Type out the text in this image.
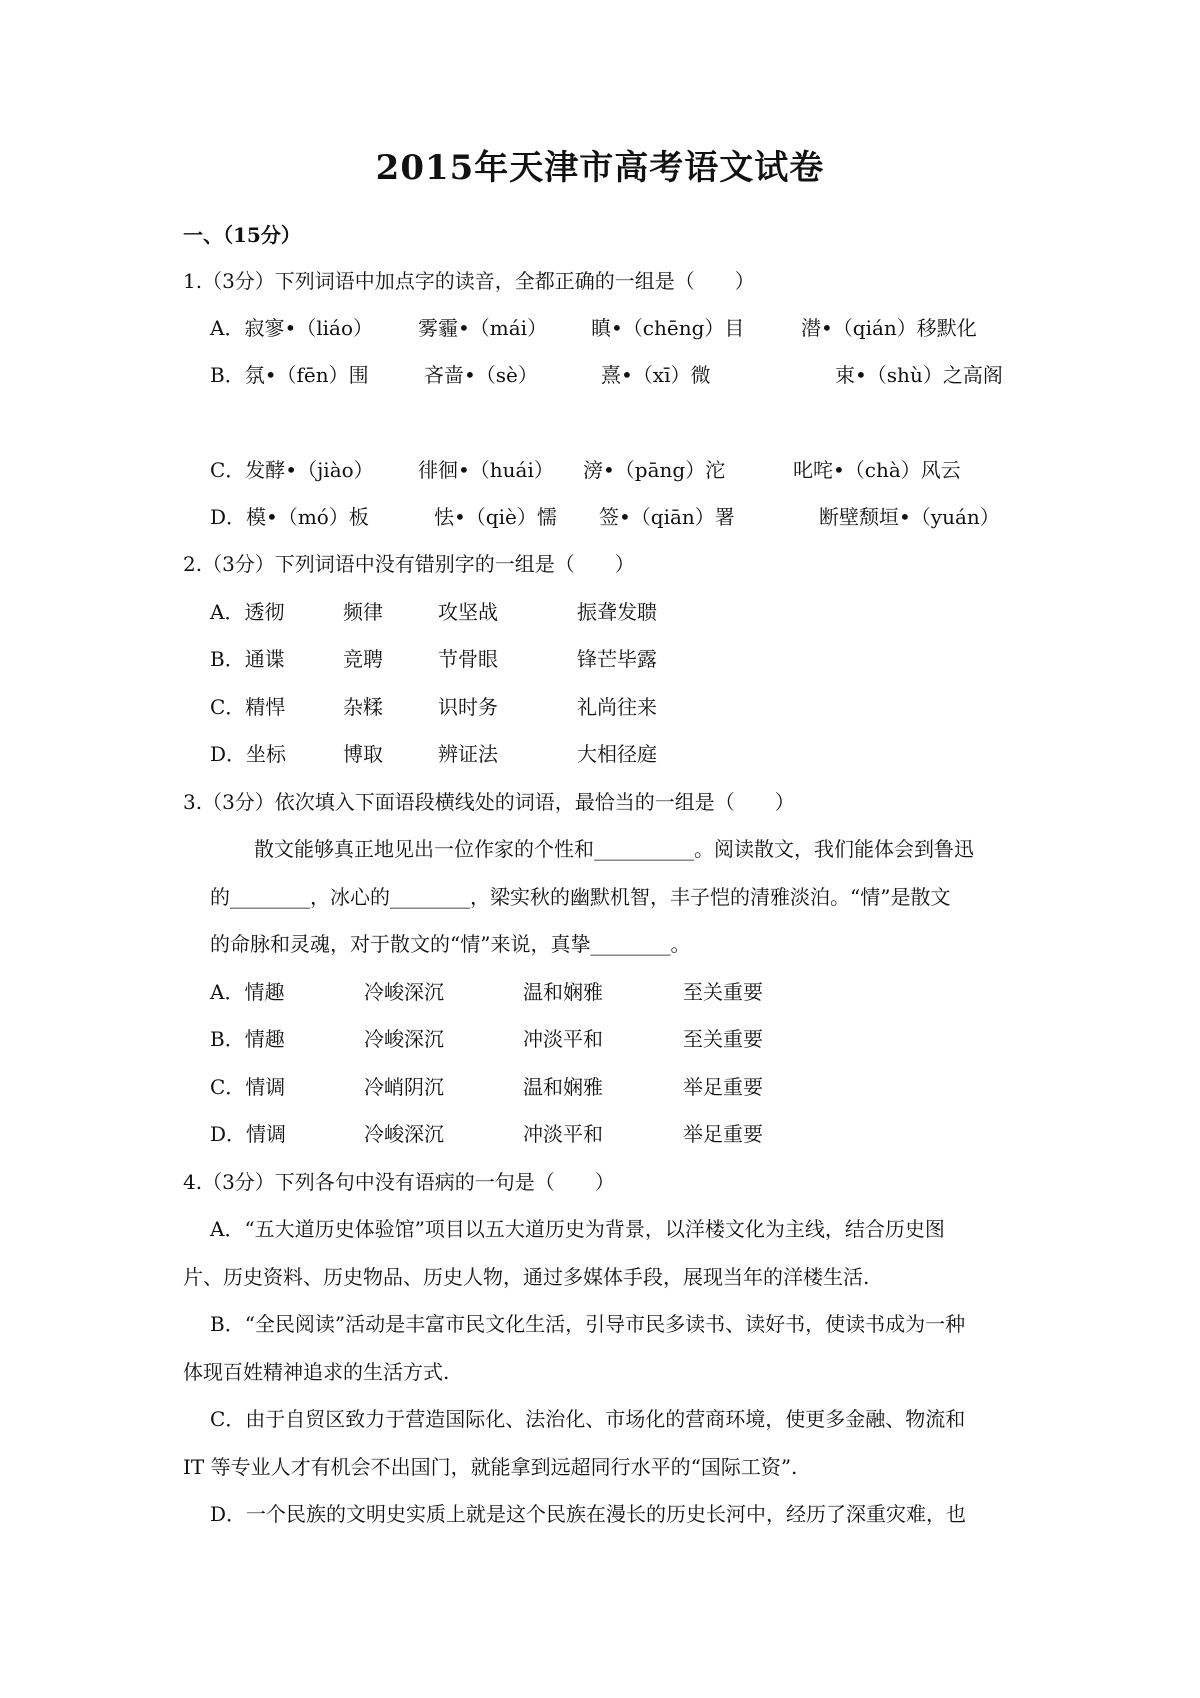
2015年天津市高考语文试卷
一、（15分）
1.（3分）下列词语中加点字的读音，全都正确的一组是（　　）
A．寂寥•（liáo） 雾霾•（mái） 瞋•（chēng）目	潜•（qián）移默化
B．氛•（fēn）围	吝啬•（sè）	熹•（xī）微	束•（shù）之高阁
C．发酵•（jiào） 徘徊•（huái） 滂•（pāng）沱	叱咤•（chà）风云
D．模•（mó）板	怯•（qiè）懦 签•（qiān）署	断壁颓垣•（yuán）
2.（3分）下列词语中没有错别字的一组是（　　）
A．透彻	频律	攻坚战	振聋发聩
B．通谍	竞聘	节骨眼	锋芒毕露
C．精悍	杂糅	识时务	礼尚往来
D．坐标	博取	辨证法	大相径庭
3.（3分）依次填入下面语段横线处的词语，最恰当的一组是（　　）
散文能够真正地见出一位作家的个性和__________。阅读散文，我们能体会到鲁迅
的________，冰心的________，梁实秋的幽默机智，丰子恺的清雅淡泊。“情”是散文
的命脉和灵魂，对于散文的“情”来说，真挚________。
A．情趣	冷峻深沉	温和娴雅	至关重要
B．情趣	冷峻深沉	冲淡平和	至关重要
C．情调	冷峭阴沉	温和娴雅	举足重要
D．情调	冷峻深沉	冲淡平和	举足重要
4.（3分）下列各句中没有语病的一句是（　　）
A．“五大道历史体验馆”项目以五大道历史为背景，以洋楼文化为主线，结合历史图
片、历史资料、历史物品、历史人物，通过多媒体手段，展现当年的洋楼生活.
B．“全民阅读”活动是丰富市民文化生活，引导市民多读书、读好书，使读书成为一种
体现百姓精神追求的生活方式.
C．由于自贸区致力于营造国际化、法治化、市场化的营商环境，使更多金融、物流和
IT 等专业人才有机会不出国门，就能拿到远超同行水平的“国际工资”.
D．一个民族的文明史实质上就是这个民族在漫长的历史长河中，经历了深重灾难，也
